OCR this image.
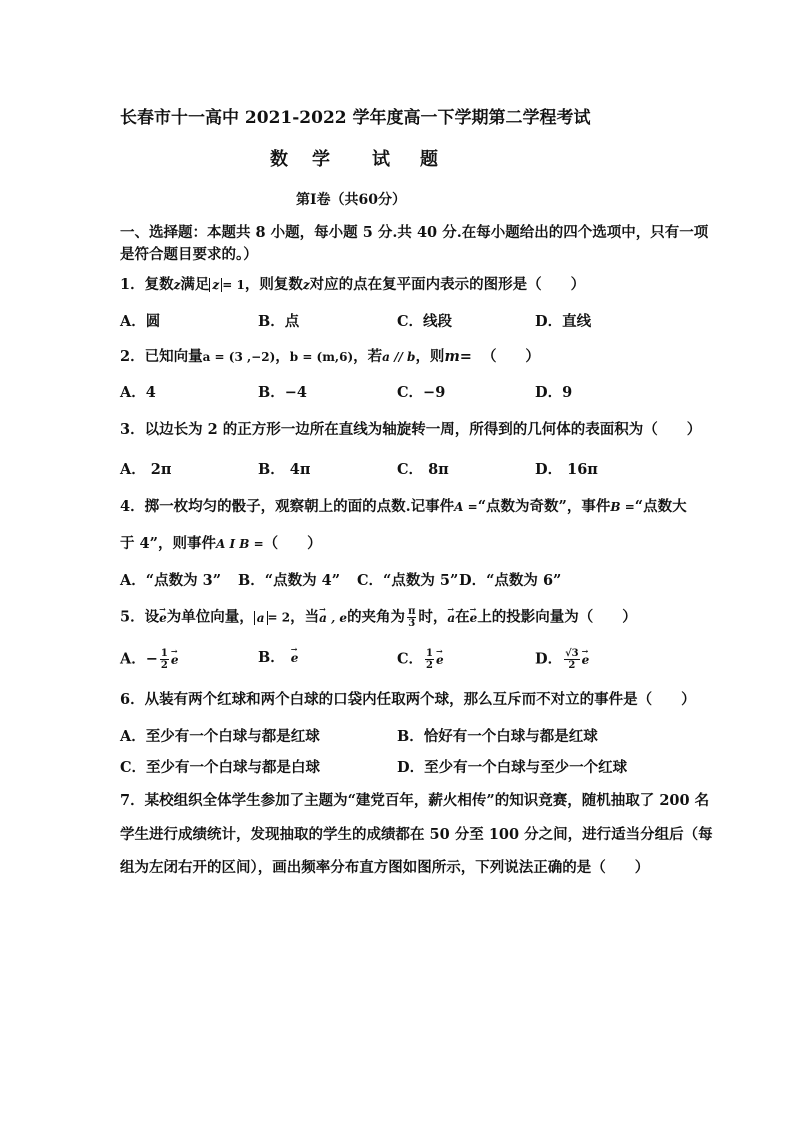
长春市十一高中 2021-2022 学年度高一下学期第二学程考试
数 学 试 题
第Ⅰ卷（共60分）
一、选择题：本题共 8 小题，每小题 5 分.共 40 分.在每小题给出的四个选项中，只有一项
是符合题目要求的。）
1．复数z满足 z = 1，则复数z对应的点在复平面内表示的图形是（　　）
A．圆	B．点	C．线段	D．直线
2．已知向量a = (3 ,−2)，b = (m,6)，若a // b，则m= （　　）
A．4	B．−4	C．−9	D．9
3．以边长为 2 的正方形一边所在直线为轴旋转一周，所得到的几何体的表面积为（　　）
A． 2π	B． 4π	C． 8π	D． 16π
4．掷一枚均匀的骰子，观察朝上的面的点数.记事件A =“点数为奇数”，事件B =“点数大
于 4”，则事件A I B =（　　）
A．“点数为 3” B．“点数为 4” C．“点数为 5” D．“点数为 6”
5．设→ e为单位向量， a = 2，当→ a , e的夹角为 $\frac{\pi}{3}$ 时，→ a在→ e上的投影向量为（　　）
A．− $\frac{1}{2}$
→ e	B．→ e	C． $\frac{1}{2}$
→ e	D． $\frac{√3}{2}$
→ e
6．从装有两个红球和两个白球的口袋内任取两个球，那么互斥而不对立的事件是（　　）
A．至少有一个白球与都是红球	B．恰好有一个白球与都是红球
C．至少有一个白球与都是白球	D．至少有一个白球与至少一个红球
7．某校组织全体学生参加了主题为“建党百年，薪火相传”的知识竞赛，随机抽取了 200 名
学生进行成绩统计，发现抽取的学生的成绩都在 50 分至 100 分之间，进行适当分组后（每
组为左闭右开的区间），画出频率分布直方图如图所示，下列说法正确的是（　　）
